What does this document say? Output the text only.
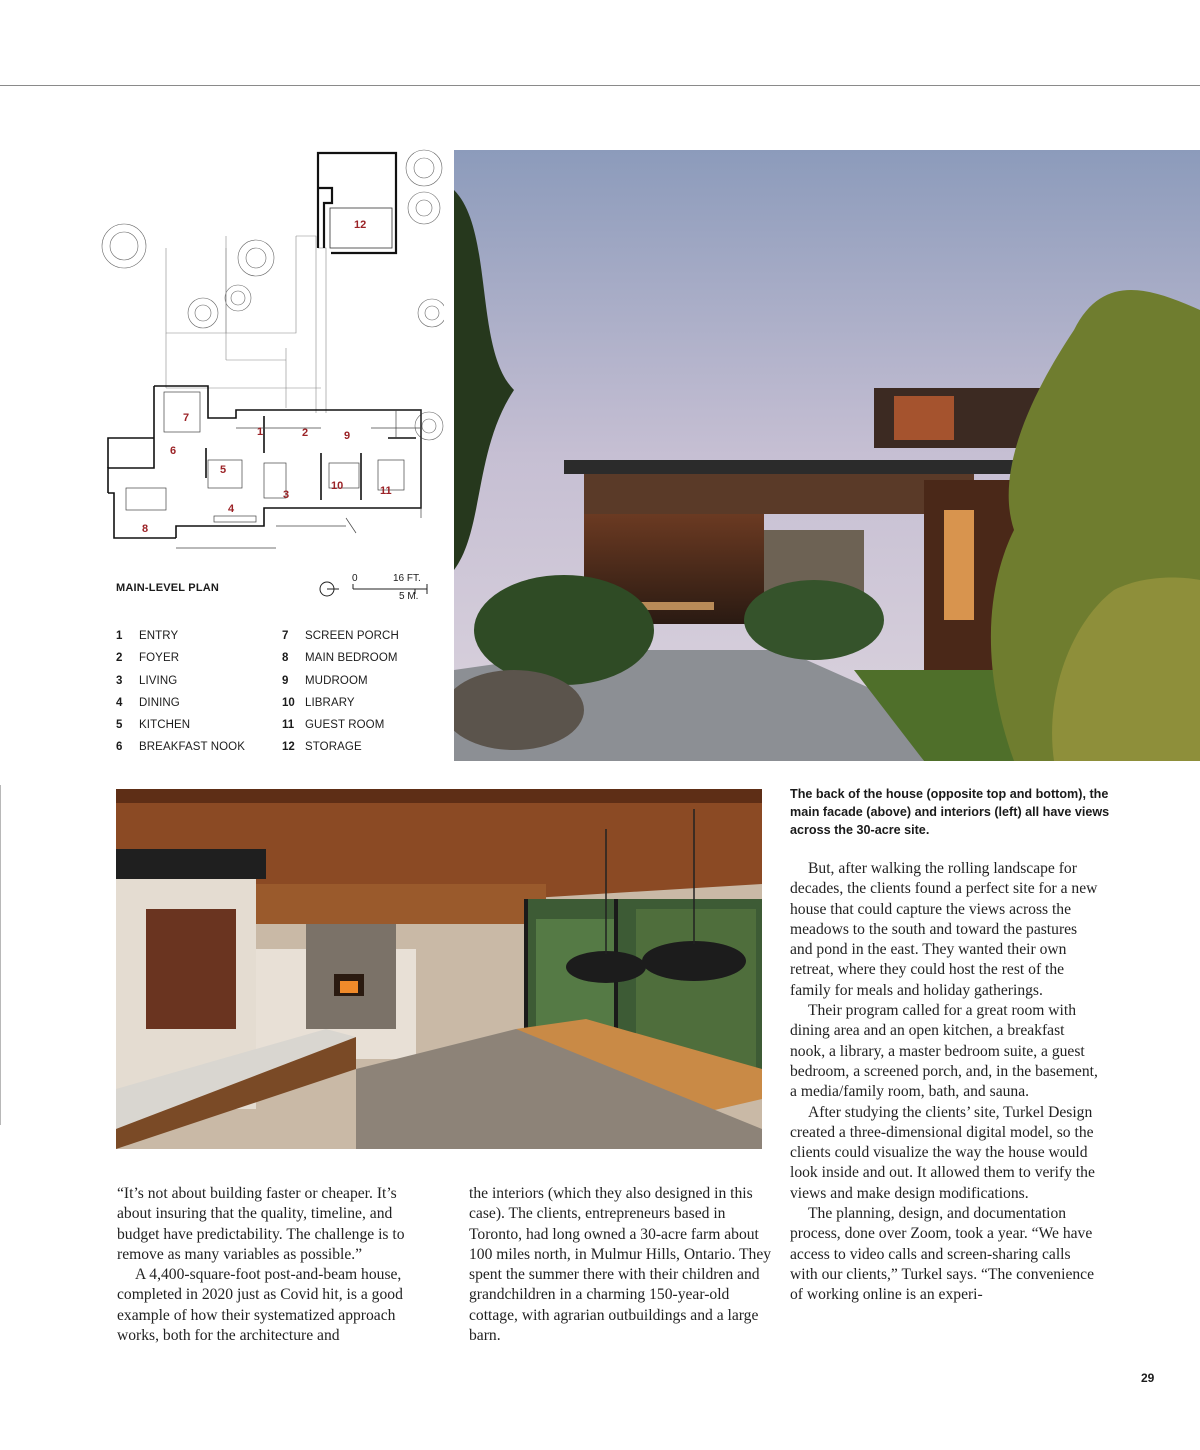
1	2
3
4
5
6
7
8
9
10	11
12
MAIN-LEVEL PLAN
0	16 FT.
5 M.
1	ENTRY
2	FOYER
3	LIVING
4	DINING
5	KITCHEN
6	BREAKFAST NOOK
7	SCREEN PORCH
8	MAIN BEDROOM
9	MUDROOM
10 LIBRARY
11 GUEST ROOM
12 STORAGE
The back of the house (opposite top and bottom), the main facade (above) and interiors (left) all have views across the 30-acre site.

“It’s not about building faster or cheaper. It’s about insuring that the quality, timeline, and budget have predictability. The challenge is to remove as many variables as possible.”

A 4,400-square-foot post-and-beam house, completed in 2020 just as Covid hit, is a good example of how their systematized approach works, both for the architecture and

the interiors (which they also designed in this case). The clients, entrepreneurs based in Toronto, had long owned a 30-acre farm about 100 miles north, in Mulmur Hills, Ontario. They spent the summer there with their children and grandchildren in a charming 150-year-old cottage, with agrarian outbuildings and a large barn.

But, after walking the rolling landscape for decades, the clients found a perfect site for a new house that could capture the views across the meadows to the south and toward the pastures and pond in the east. They wanted their own retreat, where they could host the rest of the family for meals and holiday gatherings.

Their program called for a great room with dining area and an open kitchen, a breakfast nook, a library, a master bedroom suite, a guest bedroom, a screened porch, and, in the basement, a media/family room, bath, and sauna.

After studying the clients’ site, Turkel Design created a three-dimensional digital model, so the clients could visualize the way the house would look inside and out. It allowed them to verify the views and make design modifications.

The planning, design, and documentation process, done over Zoom, took a year. “We have access to video calls and screen-sharing calls with our clients,” Turkel says. “The convenience of working online is an experi-

29
